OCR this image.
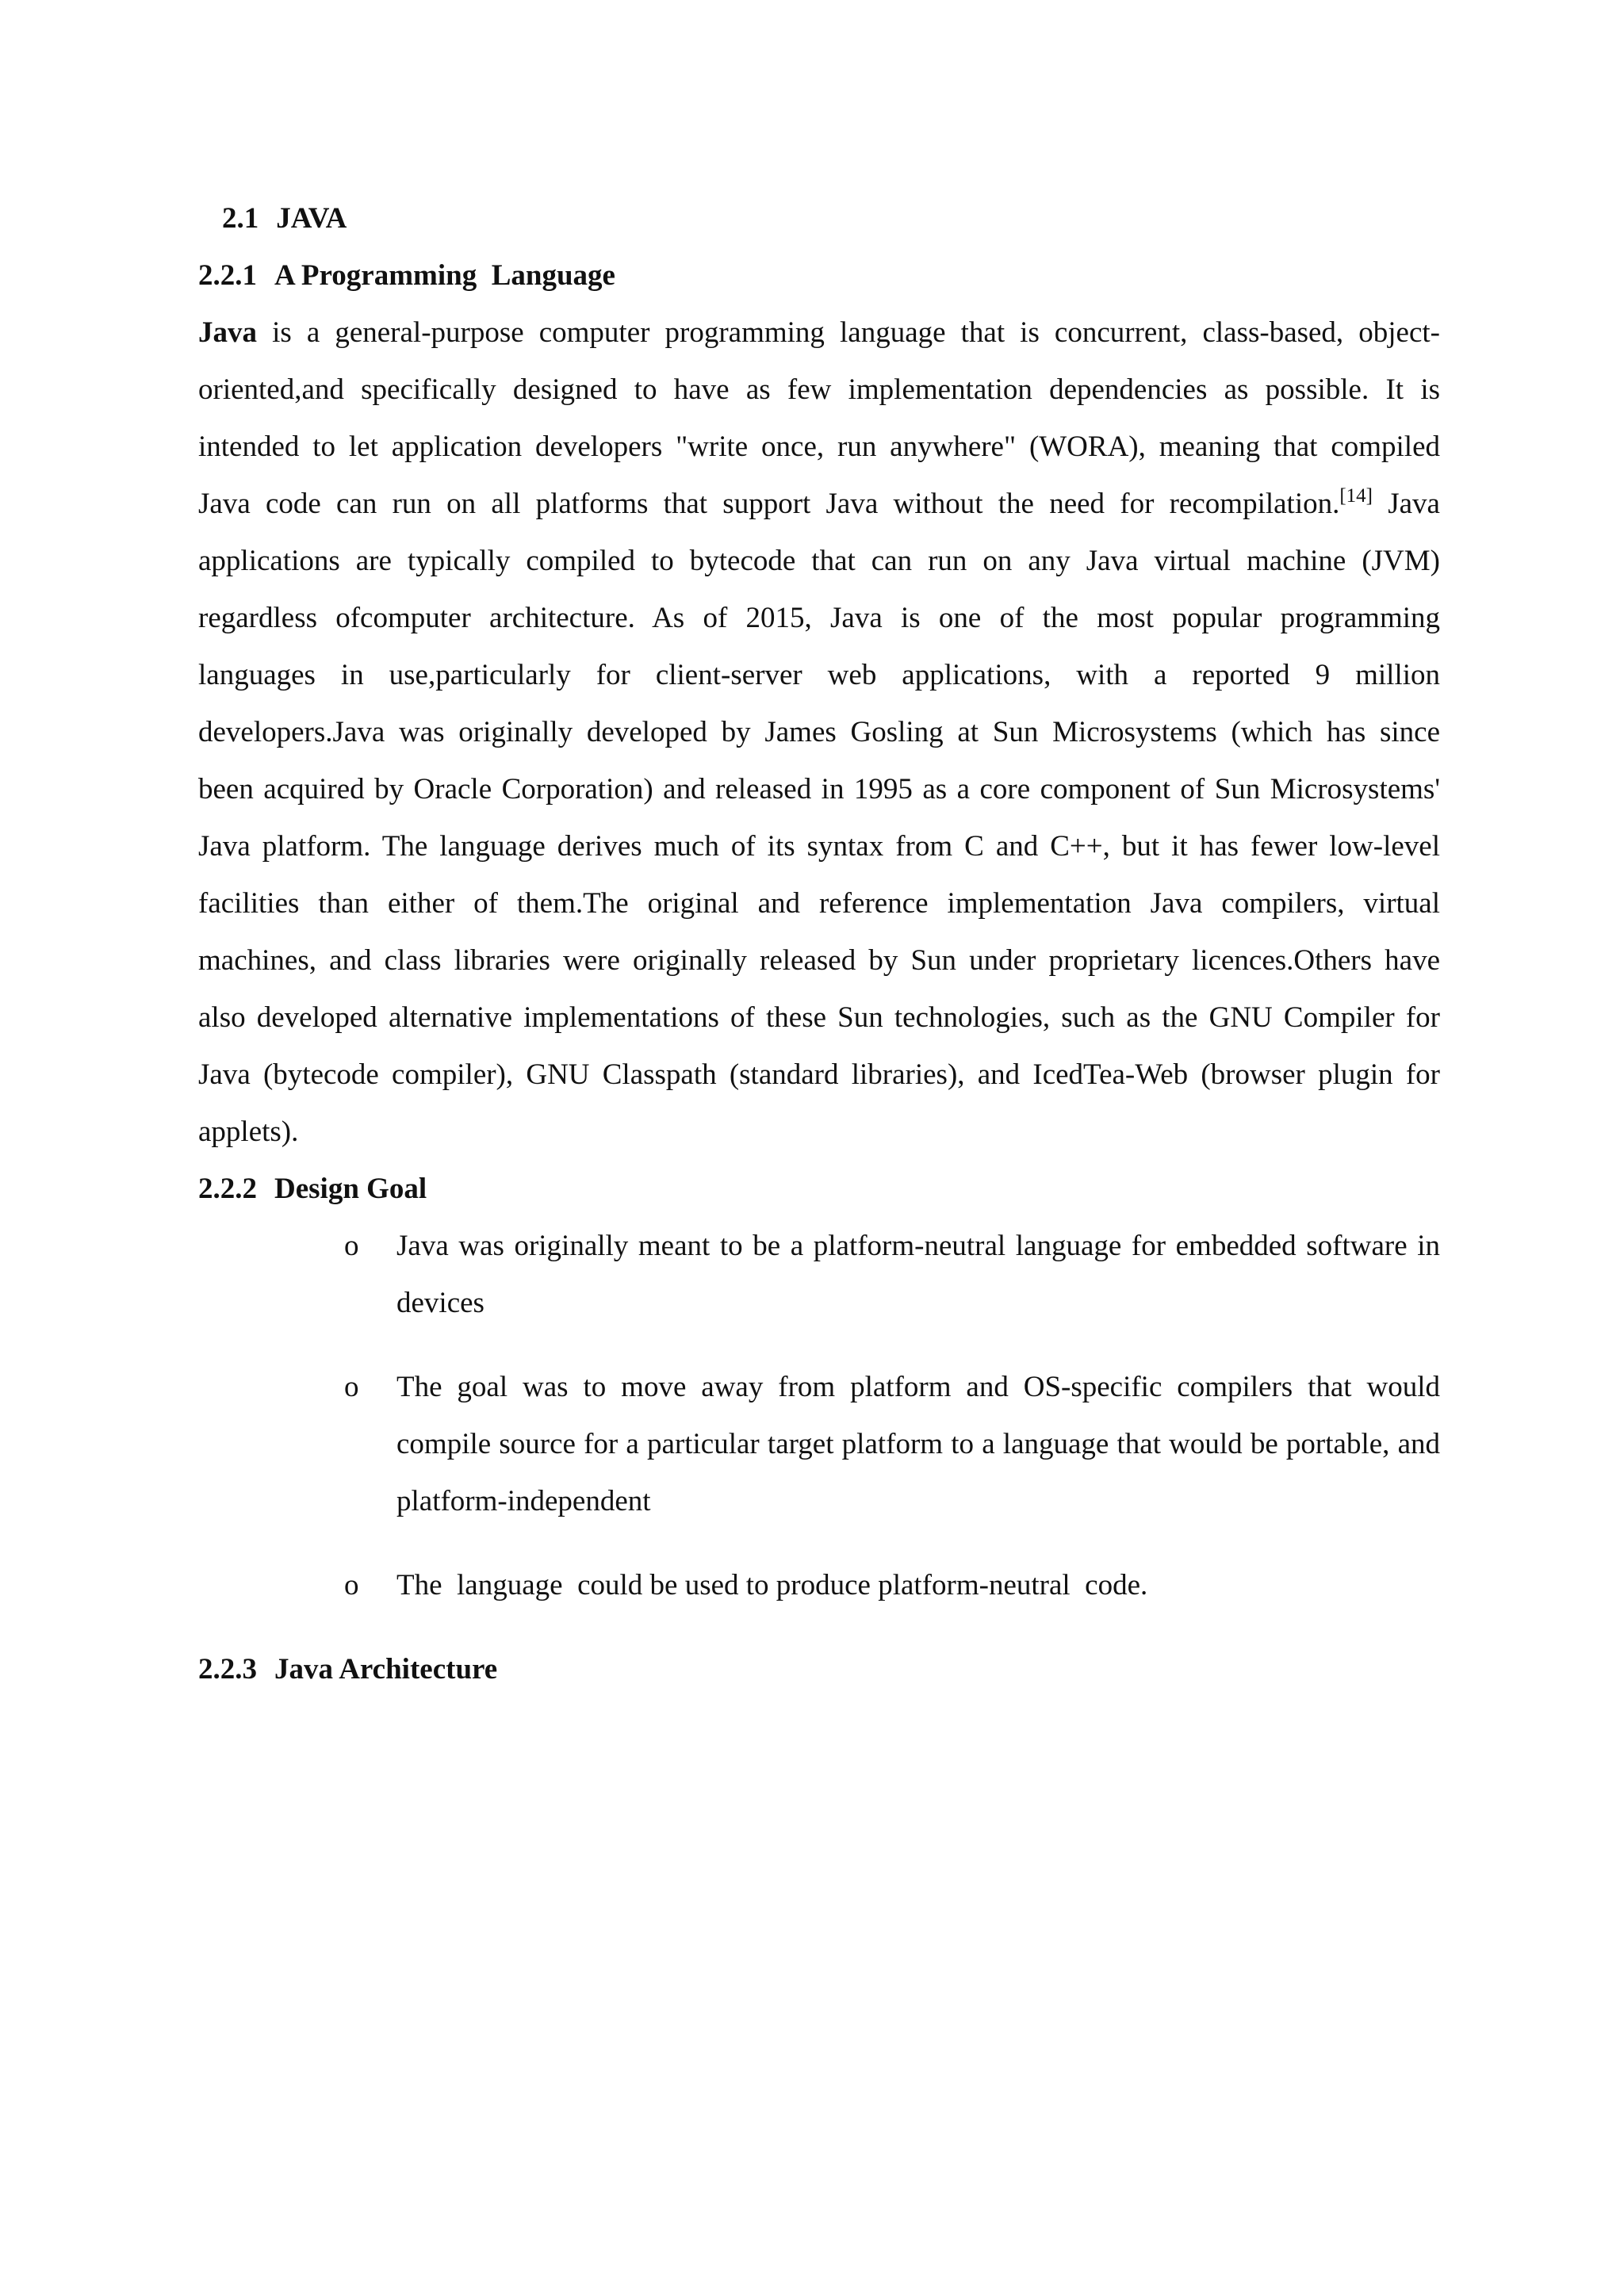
2.1 JAVA
2.2.1 A Programming  Language

Java is a general-purpose computer programming language that is concurrent, class-based, object-oriented,and specifically designed to have as few implementation dependencies as possible. It is intended to let application developers "write once, run anywhere" (WORA), meaning that compiled Java code can run on all platforms that support Java without the need for recompilation.[14] Java applications are typically compiled to bytecode that can run on any Java virtual machine (JVM) regardless ofcomputer architecture. As of 2015, Java is one of the most popular programming languages in use,particularly for client-server web applications, with a reported 9 million developers.Java was originally developed by James Gosling at Sun Microsystems (which has since been acquired by Oracle Corporation) and released in 1995 as a core component of Sun Microsystems' Java platform. The language derives much of its syntax from C and C++, but it has fewer low-level facilities than either of them.The original and reference implementation Java compilers, virtual machines, and class libraries were originally released by Sun under proprietary licences.Others have also developed alternative implementations of these Sun technologies, such as the GNU Compiler for Java (bytecode compiler), GNU Classpath (standard libraries), and IcedTea-Web (browser plugin for applets).

2.2.2 Design Goal
o Java was originally meant to be a platform-neutral language for embedded software in devices
o The goal was to move away from platform and OS-specific compilers that would compile source for a particular target platform to a language that would be portable, and platform-independent
o The  language  could be used to produce platform-neutral  code.
2.2.3 Java Architecture
